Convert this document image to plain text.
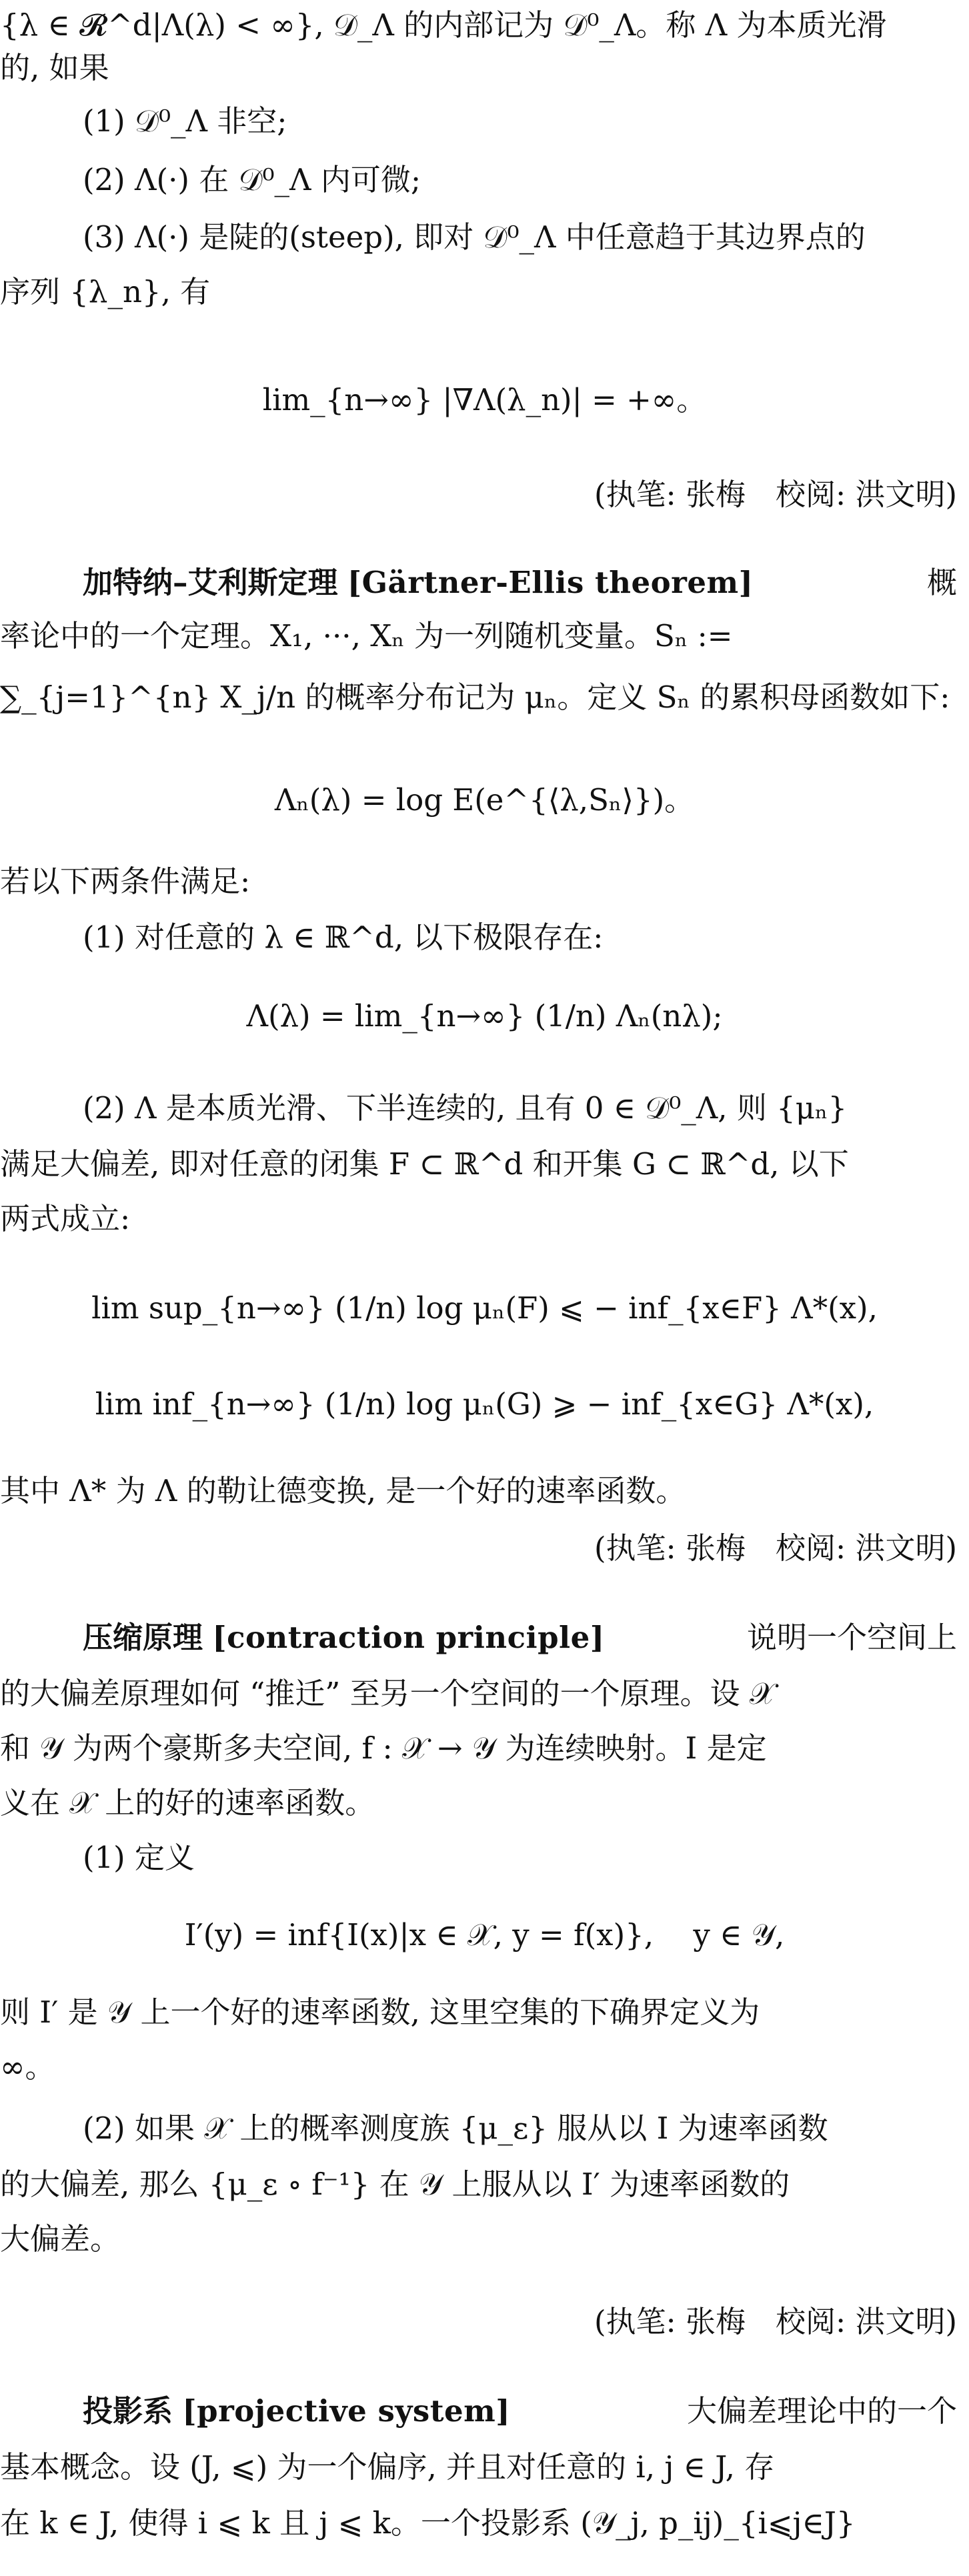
{λ ∈ 𝓡^d|Λ(λ) < ∞}, 𝒟_Λ 的内部记为 𝒟⁰_Λ。称 Λ 为本质光滑
的, 如果
(1) 𝒟⁰_Λ 非空;
(2) Λ(·) 在 𝒟⁰_Λ 内可微;
(3) Λ(·) 是陡的(steep), 即对 𝒟⁰_Λ 中任意趋于其边界点的
序列 {λ_n}, 有
lim_{n→∞} |∇Λ(λ_n)| = +∞。
(执笔: 张梅　校阅: 洪文明)
加特纳–艾利斯定理 [Gärtner-Ellis theorem]	概
率论中的一个定理。X₁, ···, Xₙ 为一列随机变量。Sₙ :=
∑_{j=1}^{n} X_j/n 的概率分布记为 μₙ。定义 Sₙ 的累积母函数如下:
Λₙ(λ) = log E(e^{⟨λ,Sₙ⟩})。
若以下两条件满足:
(1) 对任意的 λ ∈ ℝ^d, 以下极限存在:
Λ(λ) = lim_{n→∞} (1/n) Λₙ(nλ);
(2) Λ 是本质光滑、下半连续的, 且有 0 ∈ 𝒟⁰_Λ, 则 {μₙ}
满足大偏差, 即对任意的闭集 F ⊂ ℝ^d 和开集 G ⊂ ℝ^d, 以下
两式成立:
lim sup_{n→∞} (1/n) log μₙ(F) ⩽ − inf_{x∈F} Λ*(x),
lim inf_{n→∞} (1/n) log μₙ(G) ⩾ − inf_{x∈G} Λ*(x),
其中 Λ* 为 Λ 的勒让德变换, 是一个好的速率函数。
(执笔: 张梅　校阅: 洪文明)
压缩原理 [contraction principle]	说明一个空间上
的大偏差原理如何 “推迁” 至另一个空间的一个原理。设 𝒳
和 𝒴 为两个豪斯多夫空间, f : 𝒳 → 𝒴 为连续映射。I 是定
义在 𝒳 上的好的速率函数。
(1) 定义
I′(y) = inf{I(x)|x ∈ 𝒳, y = f(x)},　 y ∈ 𝒴,
则 I′ 是 𝒴 上一个好的速率函数, 这里空集的下确界定义为
∞。
(2) 如果 𝒳 上的概率测度族 {μ_ε} 服从以 I 为速率函数
的大偏差, 那么 {μ_ε ∘ f⁻¹} 在 𝒴 上服从以 I′ 为速率函数的
大偏差。
(执笔: 张梅　校阅: 洪文明)
投影系 [projective system]	大偏差理论中的一个
基本概念。设 (J, ⩽) 为一个偏序, 并且对任意的 i, j ∈ J, 存
在 k ∈ J, 使得 i ⩽ k 且 j ⩽ k。一个投影系 (𝒴_j, p_ij)_{i⩽j∈J}
